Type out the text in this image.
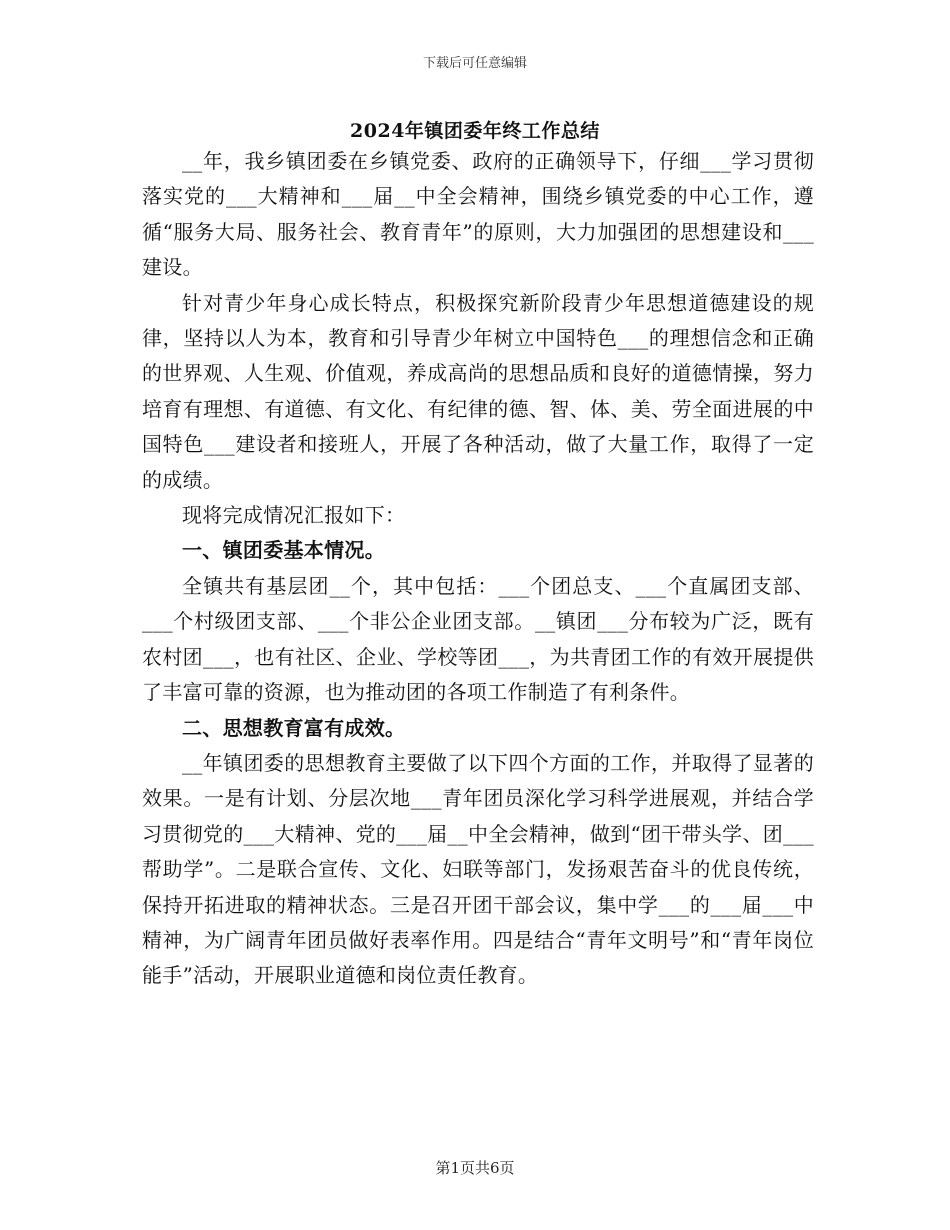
下载后可任意编辑
2024年镇团委年终工作总结

__年，我乡镇团委在乡镇党委、政府的正确领导下，仔细___学习贯彻落实党的___大精神和___届__中全会精神，围绕乡镇党委的中心工作，遵循“服务大局、服务社会、教育青年”的原则，大力加强团的思想建设和___建设。

针对青少年身心成长特点，积极探究新阶段青少年思想道德建设的规律，坚持以人为本，教育和引导青少年树立中国特色___的理想信念和正确的世界观、人生观、价值观，养成高尚的思想品质和良好的道德情操，努力培育有理想、有道德、有文化、有纪律的德、智、体、美、劳全面进展的中国特色___建设者和接班人，开展了各种活动，做了大量工作，取得了一定的成绩。

现将完成情况汇报如下：

一、镇团委基本情况。

全镇共有基层团__个，其中包括：___个团总支、___个直属团支部、___个村级团支部、___个非公企业团支部。__镇团___分布较为广泛，既有农村团___，也有社区、企业、学校等团___，为共青团工作的有效开展提供了丰富可靠的资源，也为推动团的各项工作制造了有利条件。

二、思想教育富有成效。

__年镇团委的思想教育主要做了以下四个方面的工作，并取得了显著的效果。一是有计划、分层次地___青年团员深化学习科学进展观，并结合学习贯彻党的___大精神、党的___届__中全会精神，做到“团干带头学、团___帮助学”。二是联合宣传、文化、妇联等部门，发扬艰苦奋斗的优良传统，保持开拓进取的精神状态。三是召开团干部会议，集中学___的___届___中精神，为广阔青年团员做好表率作用。四是结合“青年文明号”和“青年岗位能手”活动，开展职业道德和岗位责任教育。

第1页共6页
